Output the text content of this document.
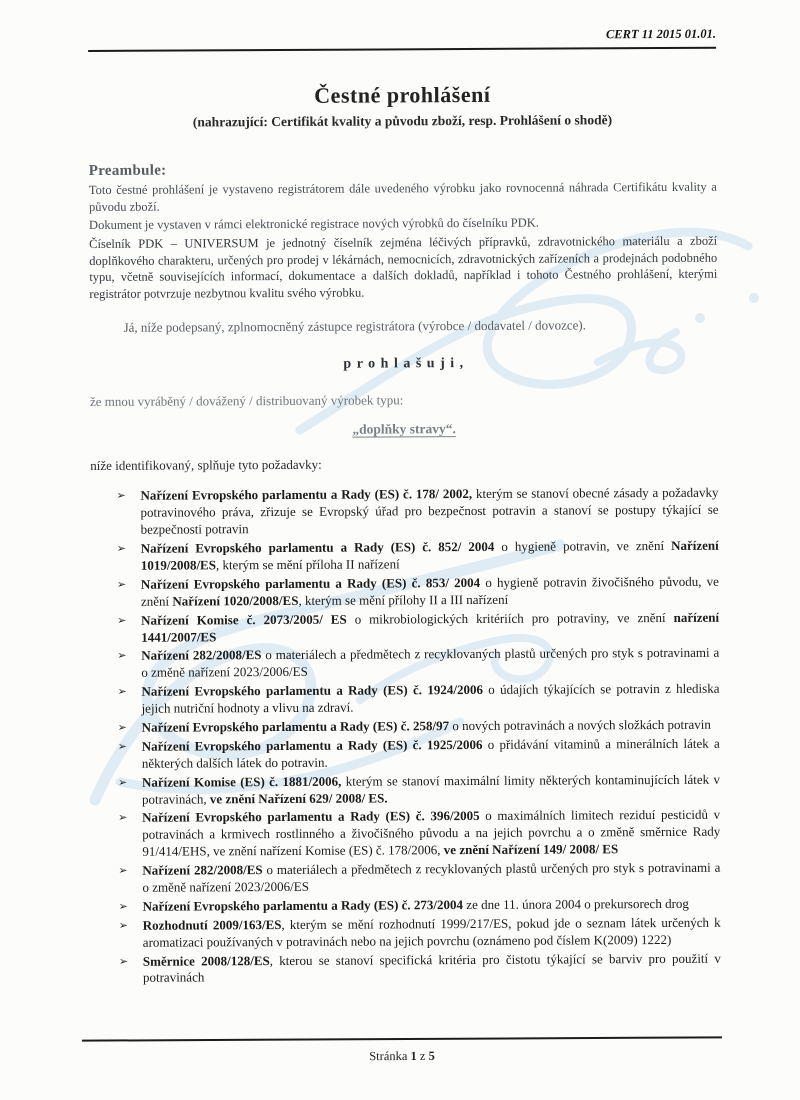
CERT 11 2015 01.01.
Čestné prohlášení
(nahrazující: Certifikát kvality a původu zboží, resp. Prohlášení o shodě)
Preambule:

Toto čestné prohlášení je vystaveno registrátorem dále uvedeného výrobku jako rovnocenná náhrada Certifikátu kvality a původu zboží.

Dokument je vystaven v rámci elektronické registrace nových výrobků do číselníku PDK.

Číselník PDK – UNIVERSUM je jednotný číselník zejména léčivých přípravků, zdravotnického materiálu a zboží doplňkového charakteru, určených pro prodej v lékárnách, nemocnicích, zdravotnických zařízeních a prodejnách podobného typu, včetně souvisejících informací, dokumentace a dalších dokladů, například i tohoto Čestného prohlášení, kterými registrátor potvrzuje nezbytnou kvalitu svého výrobku.

Já, níže podepsaný, zplnomocněný zástupce registrátora (výrobce / dodavatel / dovozce).
p r o h l a š u j i ,
že mnou vyráběný / dovážený / distribuovaný výrobek typu:
„doplňky stravy“.
níže identifikovaný, splňuje tyto požadavky:
➢ Nařízení Evropského parlamentu a Rady (ES) č. 178/ 2002, kterým se stanoví obecné zásady a požadavky potravinového práva, zřizuje se Evropský úřad pro bezpečnost potravin a stanoví se postupy týkající se bezpečnosti potravin
➢ Nařízení Evropského parlamentu a Rady (ES) č. 852/ 2004 o hygieně potravin, ve znění Nařízení 1019/2008/ES, kterým se mění příloha II nařízení
➢ Nařízení Evropského parlamentu a Rady (ES) č. 853/ 2004 o hygieně potravin živočišného původu, ve znění Nařízení 1020/2008/ES, kterým se mění přílohy II a III nařízení
➢ Nařízení Komise č. 2073/2005/ ES o mikrobiologických kritériích pro potraviny, ve znění nařízení 1441/2007/ES
➢ Nařízení 282/2008/ES o materiálech a předmětech z recyklovaných plastů určených pro styk s potravinami a o změně nařízení 2023/2006/ES
➢ Nařízení Evropského parlamentu a Rady (ES) č. 1924/2006 o údajích týkajících se potravin z hlediska jejich nutriční hodnoty a vlivu na zdraví.
➢ Nařízení Evropského parlamentu a Rady (ES) č. 258/97 o nových potravinách a nových složkách potravin
➢ Nařízení Evropského parlamentu a Rady (ES) č. 1925/2006 o přidávání vitaminů a minerálních látek a některých dalších látek do potravin.
➢ Nařízení Komise (ES) č. 1881/2006, kterým se stanoví maximální limity některých kontaminujících látek v potravinách, ve znění Nařízení 629/ 2008/ ES.
➢ Nařízení Evropského parlamentu a Rady (ES) č. 396/2005 o maximálních limitech reziduí pesticidů v potravinách a krmivech rostlinného a živočišného původu a na jejich povrchu a o změně směrnice Rady 91/414/EHS, ve znění nařízení Komise (ES) č. 178/2006, ve znění Nařízení 149/ 2008/ ES
➢ Nařízení 282/2008/ES o materiálech a předmětech z recyklovaných plastů určených pro styk s potravinami a o změně nařízení 2023/2006/ES
➢ Nařízení Evropského parlamentu a Rady (ES) č. 273/2004 ze dne 11. února 2004 o prekursorech drog
➢ Rozhodnutí 2009/163/ES, kterým se mění rozhodnutí 1999/217/ES, pokud jde o seznam látek určených k aromatizaci používaných v potravinách nebo na jejich povrchu (oznámeno pod číslem K(2009) 1222)
➢ Směrnice 2008/128/ES, kterou se stanoví specifická kritéria pro čistotu týkající se barviv pro použití v potravinách
Stránka 1 z 5
